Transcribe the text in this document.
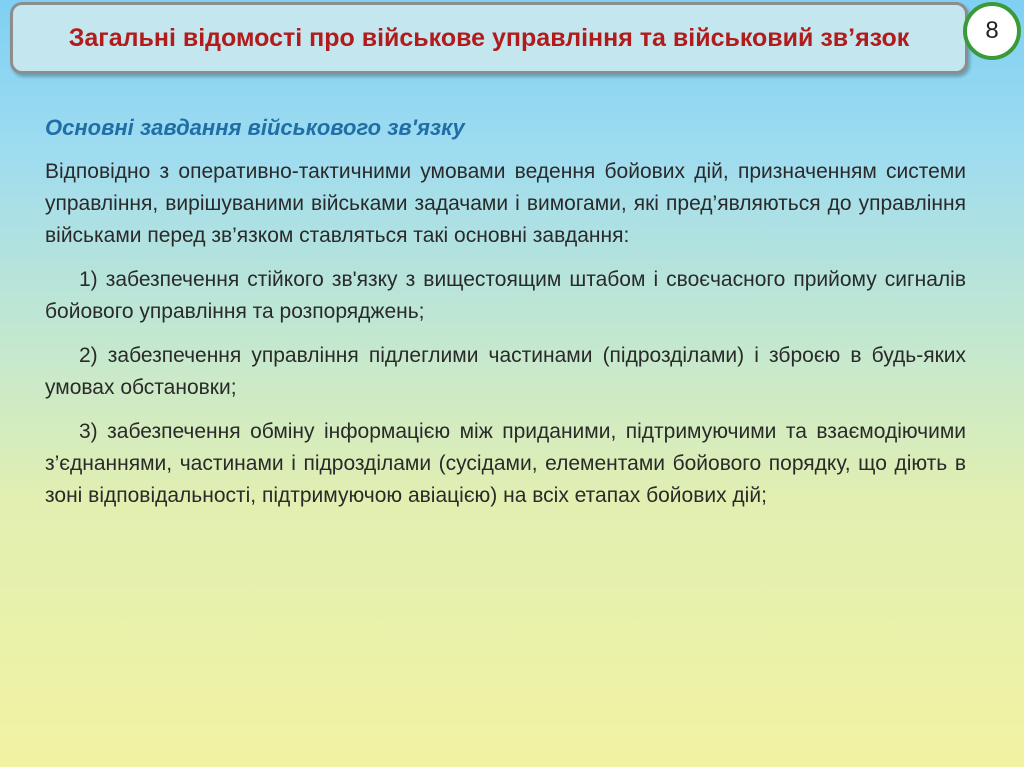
Загальні відомості про військове управління та військовий зв’язок	8
Основні завдання військового зв'язку
Відповідно з оперативно-тактичними умовами ведення бойових дій, призначенням системи управління, вирішуваними військами задачами і вимогами, які пред’являються до управління військами перед зв’язком ставляться такі основні завдання:
1) забезпечення стійкого зв'язку з вищестоящим штабом і своєчасного прийому сигналів бойового управління та розпоряджень;
2) забезпечення управління підлеглими частинами (підрозділами) і зброєю в будь-яких умовах обстановки;
3) забезпечення обміну інформацією між приданими, підтримуючими та взаємодіючими з’єднаннями, частинами і підрозділами (сусідами, елементами бойового порядку, що діють в зоні відповідальності, підтримуючою авіацією) на всіх етапах бойових дій;
